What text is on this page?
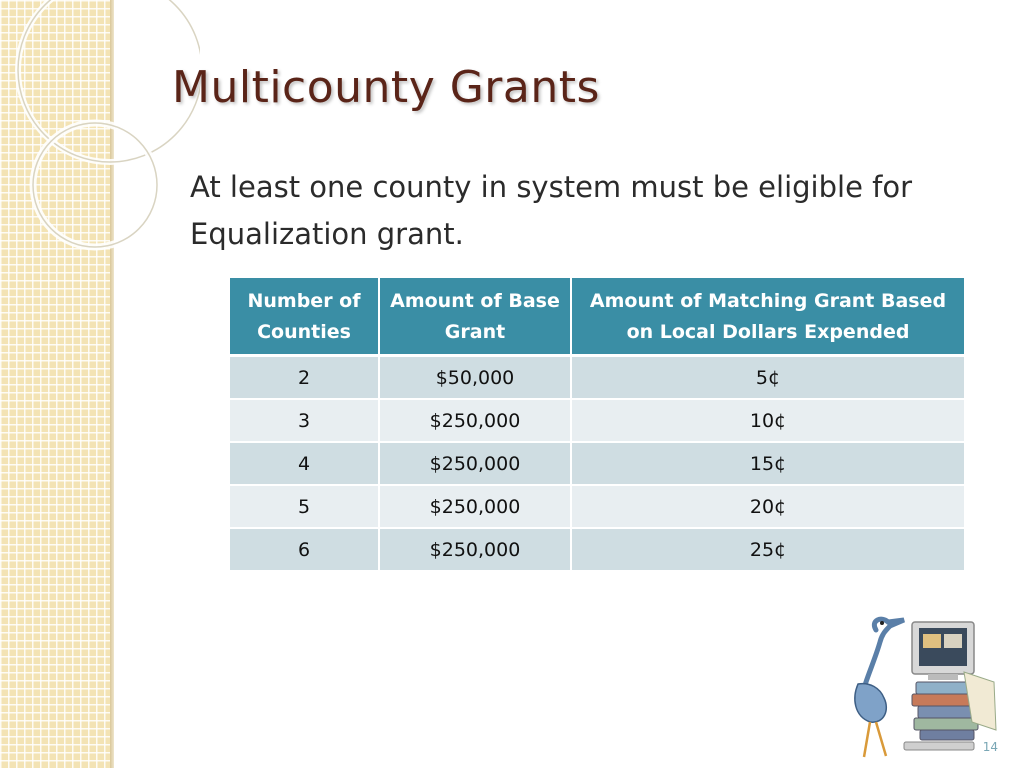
Multicounty Grants
At least one county in system must be eligible for Equalization grant.
Number of Counties	Amount of Base Grant	Amount of Matching Grant Based on Local Dollars Expended
2	$50,000	5¢
3	$250,000	10¢
4	$250,000	15¢
5	$250,000	20¢
6	$250,000	25¢
14
